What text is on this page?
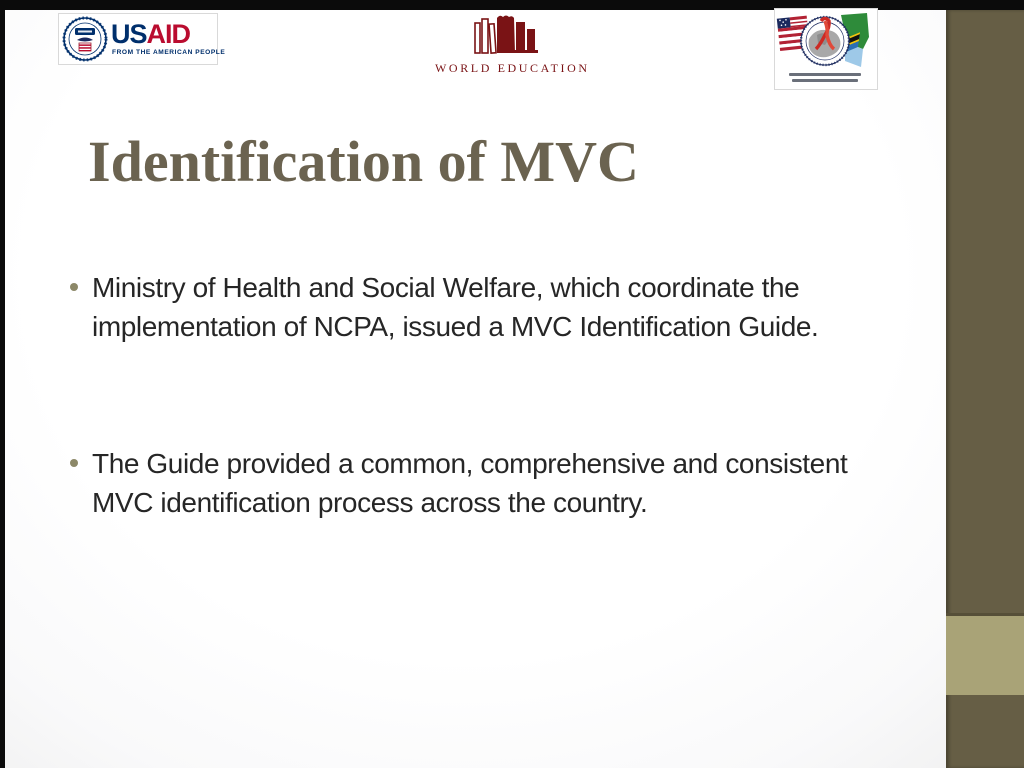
USAID
FROM THE AMERICAN PEOPLE
WORLD EDUCATION
Identification of MVC
Ministry of Health and Social Welfare, which coordinate the
implementation of NCPA, issued a MVC Identification Guide.
The Guide provided a common, comprehensive and consistent
MVC identification process across the country.
